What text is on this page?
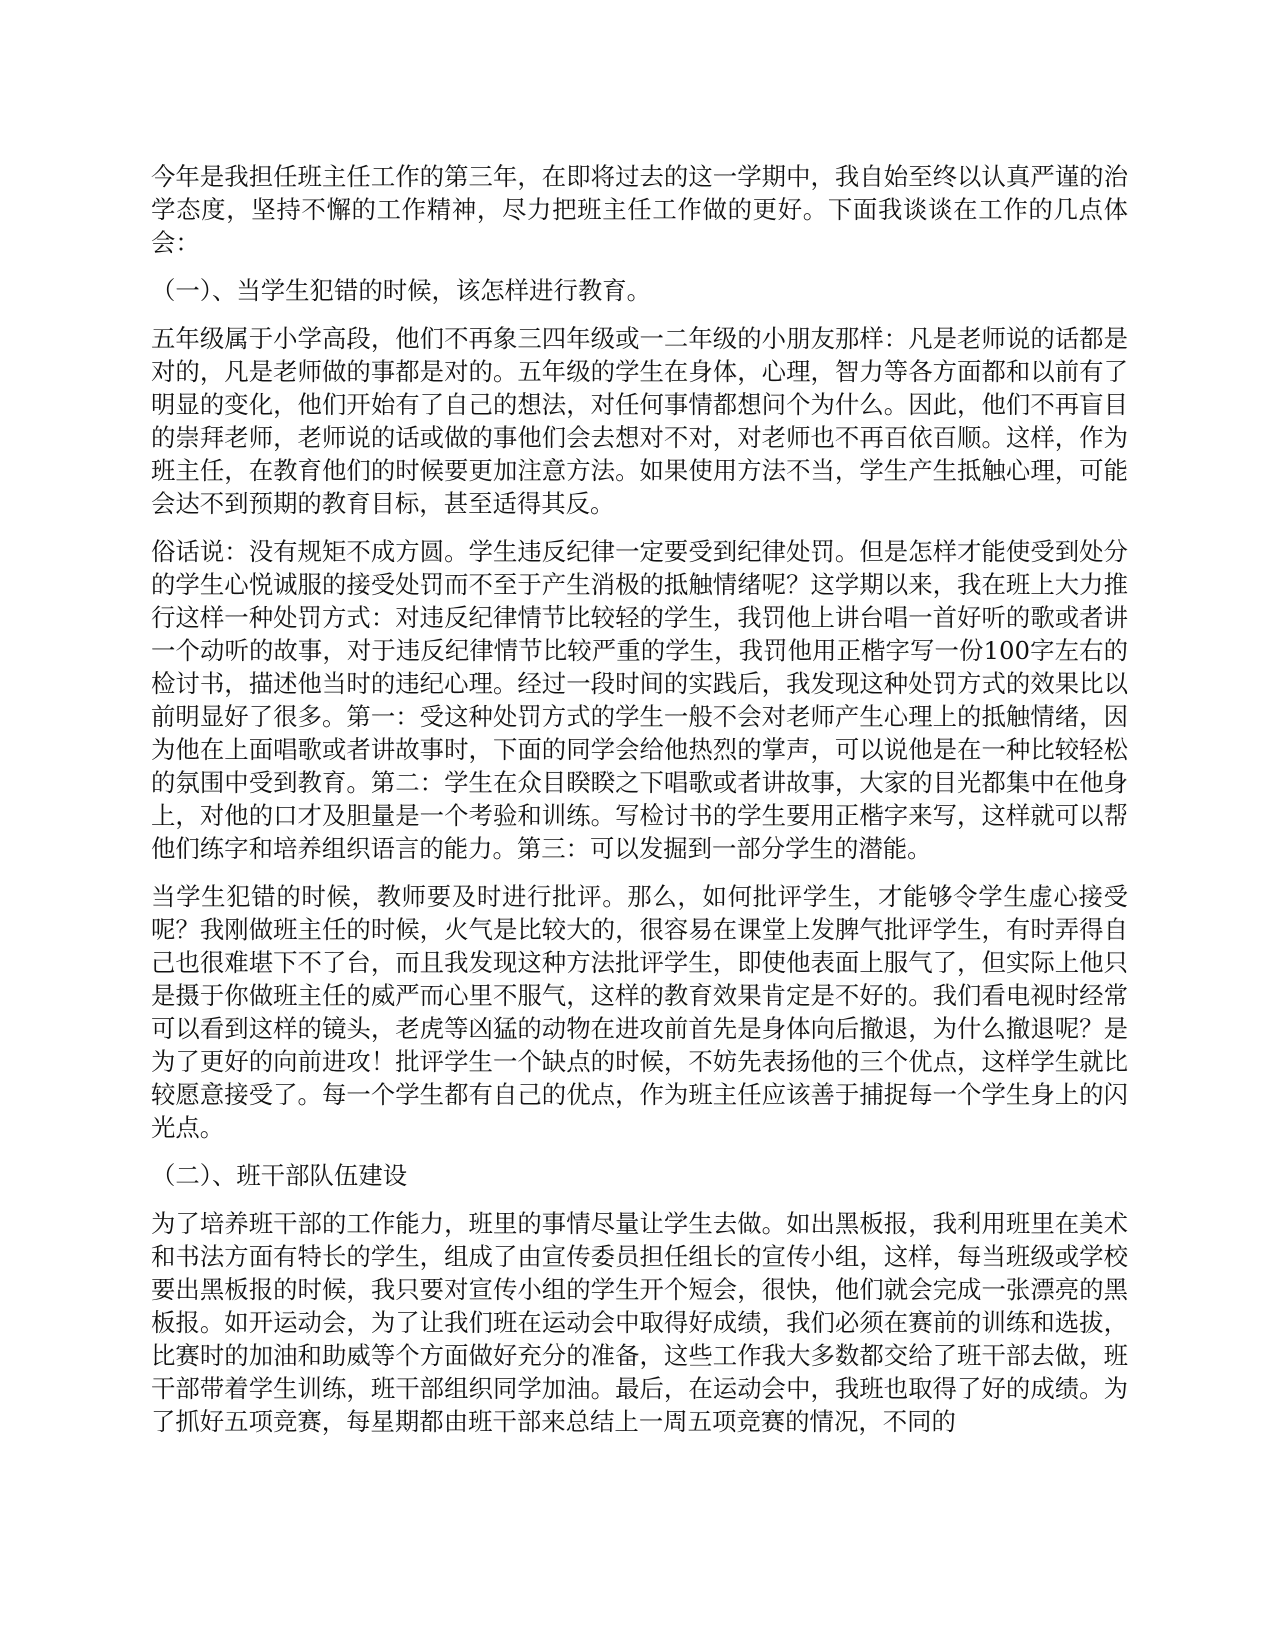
今年是我担任班主任工作的第三年，在即将过去的这一学期中，我自始至终以认真严谨的治学态度，坚持不懈的工作精神，尽力把班主任工作做的更好。下面我谈谈在工作的几点体会：

（一）、当学生犯错的时候，该怎样进行教育。

五年级属于小学高段，他们不再象三四年级或一二年级的小朋友那样：凡是老师说的话都是对的，凡是老师做的事都是对的。五年级的学生在身体，心理，智力等各方面都和以前有了明显的变化，他们开始有了自己的想法，对任何事情都想问个为什么。因此，他们不再盲目的崇拜老师，老师说的话或做的事他们会去想对不对，对老师也不再百依百顺。这样，作为班主任，在教育他们的时候要更加注意方法。如果使用方法不当，学生产生抵触心理，可能会达不到预期的教育目标，甚至适得其反。

俗话说：没有规矩不成方圆。学生违反纪律一定要受到纪律处罚。但是怎样才能使受到处分的学生心悦诚服的接受处罚而不至于产生消极的抵触情绪呢？这学期以来，我在班上大力推行这样一种处罚方式：对违反纪律情节比较轻的学生，我罚他上讲台唱一首好听的歌或者讲一个动听的故事，对于违反纪律情节比较严重的学生，我罚他用正楷字写一份100字左右的检讨书，描述他当时的违纪心理。经过一段时间的实践后，我发现这种处罚方式的效果比以前明显好了很多。第一：受这种处罚方式的学生一般不会对老师产生心理上的抵触情绪，因为他在上面唱歌或者讲故事时，下面的同学会给他热烈的掌声，可以说他是在一种比较轻松的氛围中受到教育。第二：学生在众目睽睽之下唱歌或者讲故事，大家的目光都集中在他身上，对他的口才及胆量是一个考验和训练。写检讨书的学生要用正楷字来写，这样就可以帮他们练字和培养组织语言的能力。第三：可以发掘到一部分学生的潜能。

当学生犯错的时候，教师要及时进行批评。那么，如何批评学生，才能够令学生虚心接受呢？我刚做班主任的时候，火气是比较大的，很容易在课堂上发脾气批评学生，有时弄得自己也很难堪下不了台，而且我发现这种方法批评学生，即使他表面上服气了，但实际上他只是摄于你做班主任的威严而心里不服气，这样的教育效果肯定是不好的。我们看电视时经常可以看到这样的镜头，老虎等凶猛的动物在进攻前首先是身体向后撤退，为什么撤退呢？是为了更好的向前进攻！批评学生一个缺点的时候，不妨先表扬他的三个优点，这样学生就比较愿意接受了。每一个学生都有自己的优点，作为班主任应该善于捕捉每一个学生身上的闪光点。

（二）、班干部队伍建设

为了培养班干部的工作能力，班里的事情尽量让学生去做。如出黑板报，我利用班里在美术和书法方面有特长的学生，组成了由宣传委员担任组长的宣传小组，这样，每当班级或学校要出黑板报的时候，我只要对宣传小组的学生开个短会，很快，他们就会完成一张漂亮的黑板报。如开运动会，为了让我们班在运动会中取得好成绩，我们必须在赛前的训练和选拔，比赛时的加油和助威等个方面做好充分的准备，这些工作我大多数都交给了班干部去做，班干部带着学生训练，班干部组织同学加油。最后，在运动会中，我班也取得了好的成绩。为了抓好五项竞赛，每星期都由班干部来总结上一周五项竞赛的情况，不同的
